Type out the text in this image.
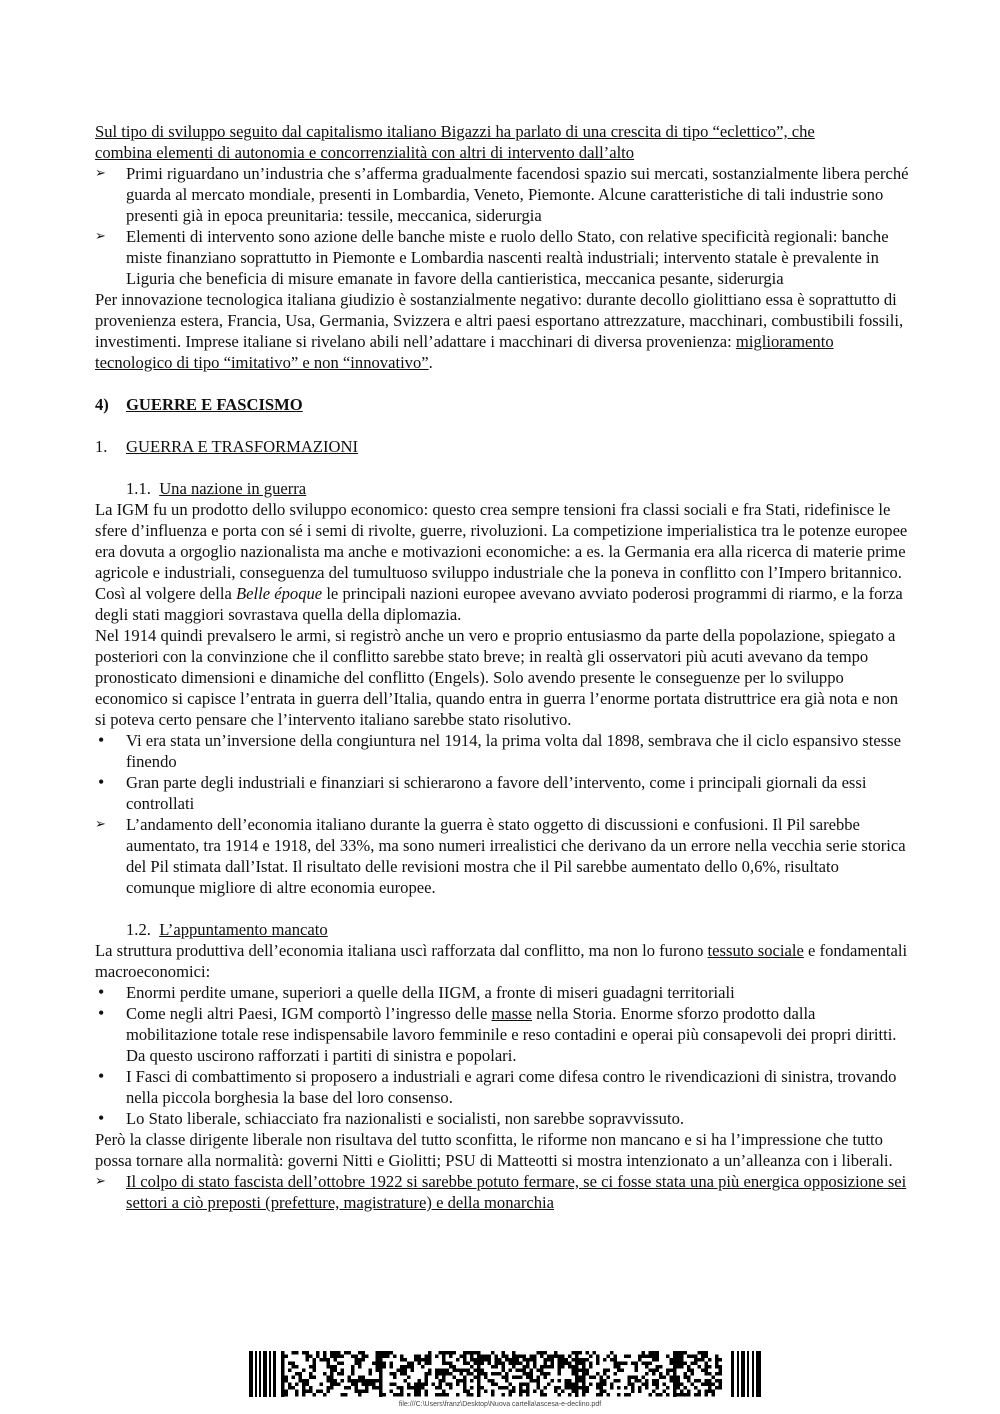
Sul tipo di sviluppo seguito dal capitalismo italiano Bigazzi ha parlato di una crescita di tipo “eclettico”, che
combina elementi di autonomia e concorrenzialità con altri di intervento dall’alto

➢	Primi riguardano un’industria che s’afferma gradualmente facendosi spazio sui mercati, sostanzialmente libera perché guarda al mercato mondiale, presenti in Lombardia, Veneto, Piemonte. Alcune caratteristiche di tali industrie sono presenti già in epoca preunitaria: tessile, meccanica, siderurgia
➢	Elementi di intervento sono azione delle banche miste e ruolo dello Stato, con relative specificità regionali: banche miste finanziano soprattutto in Piemonte e Lombardia nascenti realtà industriali; intervento statale è prevalente in Liguria che beneficia di misure emanate in favore della cantieristica, meccanica pesante, siderurgia

Per innovazione tecnologica italiana giudizio è sostanzialmente negativo: durante decollo giolittiano essa è soprattutto di provenienza estera, Francia, Usa, Germania, Svizzera e altri paesi esportano attrezzature, macchinari, combustibili fossili, investimenti. Imprese italiane si rivelano abili nell’adattare i macchinari di diversa provenienza: miglioramento tecnologico di tipo “imitativo” e non “innovativo”.

4) GUERRE E FASCISMO

1. GUERRA E TRASFORMAZIONI

1.1. Una nazione in guerra

La IGM fu un prodotto dello sviluppo economico: questo crea sempre tensioni fra classi sociali e fra Stati, ridefinisce le sfere d’influenza e porta con sé i semi di rivolte, guerre, rivoluzioni. La competizione imperialistica tra le potenze europee era dovuta a orgoglio nazionalista ma anche e motivazioni economiche: a es. la Germania era alla ricerca di materie prime agricole e industriali, conseguenza del tumultuoso sviluppo industriale che la poneva in conflitto con l’Impero britannico. Così al volgere della Belle époque le principali nazioni europee avevano avviato poderosi programmi di riarmo, e la forza degli stati maggiori sovrastava quella della diplomazia.

Nel 1914 quindi prevalsero le armi, si registrò anche un vero e proprio entusiasmo da parte della popolazione, spiegato a posteriori con la convinzione che il conflitto sarebbe stato breve; in realtà gli osservatori più acuti avevano da tempo pronosticato dimensioni e dinamiche del conflitto (Engels). Solo avendo presente le conseguenze per lo sviluppo economico si capisce l’entrata in guerra dell’Italia, quando entra in guerra l’enorme portata distruttrice era già nota e non si poteva certo pensare che l’intervento italiano sarebbe stato risolutivo.

•	Vi era stata un’inversione della congiuntura nel 1914, la prima volta dal 1898, sembrava che il ciclo espansivo stesse finendo
•	Gran parte degli industriali e finanziari si schierarono a favore dell’intervento, come i principali giornali da essi controllati
➢	L’andamento dell’economia italiano durante la guerra è stato oggetto di discussioni e confusioni. Il Pil sarebbe aumentato, tra 1914 e 1918, del 33%, ma sono numeri irrealistici che derivano da un errore nella vecchia serie storica del Pil stimata dall’Istat. Il risultato delle revisioni mostra che il Pil sarebbe aumentato dello 0,6%, risultato comunque migliore di altre economia europee.

1.2. L’appuntamento mancato

La struttura produttiva dell’economia italiana uscì rafforzata dal conflitto, ma non lo furono tessuto sociale e fondamentali macroeconomici:

•	Enormi perdite umane, superiori a quelle della IIGM, a fronte di miseri guadagni territoriali
•	Come negli altri Paesi, IGM comportò l’ingresso delle masse nella Storia. Enorme sforzo prodotto dalla mobilitazione totale rese indispensabile lavoro femminile e reso contadini e operai più consapevoli dei propri diritti. Da questo uscirono rafforzati i partiti di sinistra e popolari.
•	I Fasci di combattimento si proposero a industriali e agrari come difesa contro le rivendicazioni di sinistra, trovando nella piccola borghesia la base del loro consenso.
•	Lo Stato liberale, schiacciato fra nazionalisti e socialisti, non sarebbe sopravvissuto.

Però la classe dirigente liberale non risultava del tutto sconfitta, le riforme non mancano e si ha l’impressione che tutto possa tornare alla normalità: governi Nitti e Giolitti; PSU di Matteotti si mostra intenzionato a un’alleanza con i liberali.

➢	Il colpo di stato fascista dell’ottobre 1922 si sarebbe potuto fermare, se ci fosse stata una più energica opposizione sei settori a ciò preposti (prefetture, magistrature) e della monarchia
file:///C:\Users\franz\Desktop\Nuova cartella\ascesa-e-declino.pdf
